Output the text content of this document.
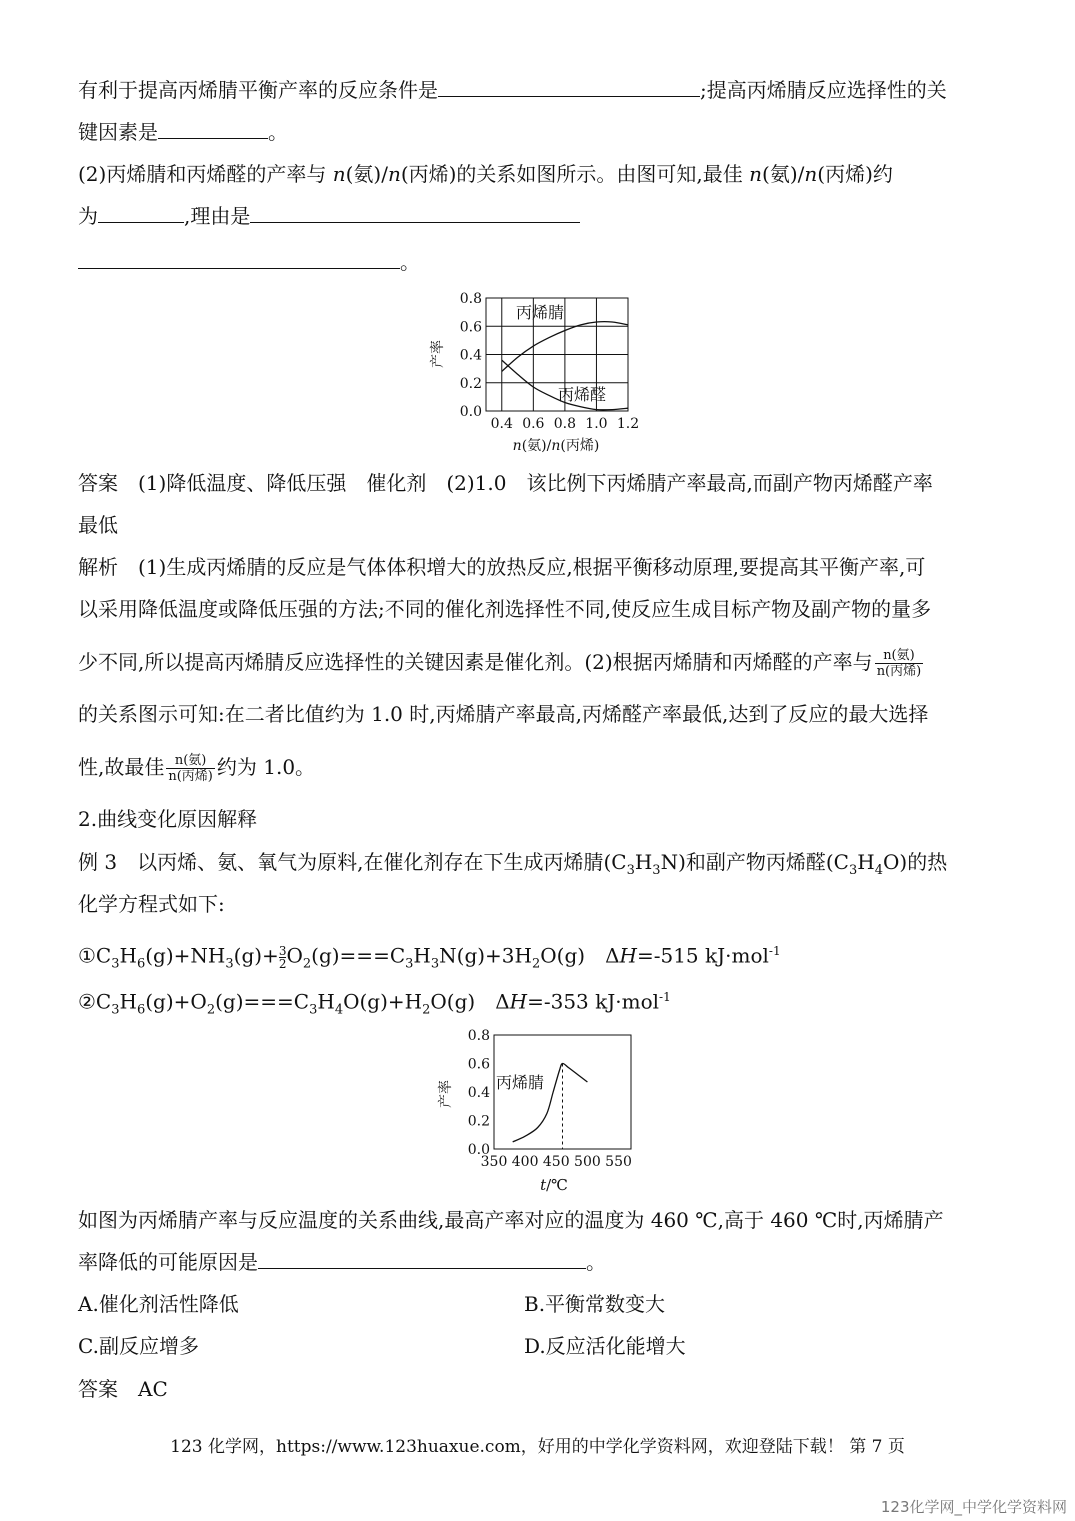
有利于提高丙烯腈平衡产率的反应条件是	;提高丙烯腈反应选择性的关
键因素是	。
(2)丙烯腈和丙烯醛的产率与 n(氨)/n(丙烯)的关系如图所示。由图可知,最佳 n(氨)/n(丙烯)约
为	,理由是
。
0.4 0.6 0.8 1.0 1.2
0.0
0.2
0.4
0.6
0.8
产率
丙烯腈
丙烯醛
n(氨)/n(丙烯)
答案　 (1)降低温度、降低压强　催化剂　(2)1.0　该比例下丙烯腈产率最高,而副产物丙烯醛产率
最低
解析　 (1)生成丙烯腈的反应是气体体积增大的放热反应,根据平衡移动原理,要提高其平衡产率,可
以采用降低温度或降低压强的方法;不同的催化剂选择性不同,使反应生成目标产物及副产物的量多
少不同,所以提高丙烯腈反应选择性的关键因素是催化剂。(2)根据丙烯腈和丙烯醛的产率与 $\frac{\text{n(氨)}}{\text{n(丙烯)}}$
的关系图示可知:在二者比值约为 1.0 时,丙烯腈产率最高,丙烯醛产率最低,达到了反应的最大选择
性,故最佳 $\frac{\text{n(氨)}}{\text{n(丙烯)}}$ 约为 1.0。
2.曲线变化原因解释
例 3　 以丙烯、氨、氧气为原料,在催化剂存在下生成丙烯腈$(C_3H_3N)$和副产物丙烯醛$(C_3H_4O)$的热
化学方程式如下:
$①C_3H_6(g)+NH_3(g)+ \frac{3}{2} O_2(g)===C_3H_3N(g)+3H_2O(g)$　ΔH=-515 kJ·mol$^{-1}$
$②C_3H_6(g)+O_2(g)===C_3H_4O(g)+H_2O(g)$　ΔH=-353 kJ·mol$^{-1}$
350 400 450 500 550
0.0
0.2
0.4
0.6
0.8
产率	丙烯腈
t/℃
如图为丙烯腈产率与反应温度的关系曲线,最高产率对应的温度为 460 ℃,高于 460 ℃时,丙烯腈产
率降低的可能原因是	。
A.催化剂活性降低	B.平衡常数变大
C.副反应增多	D.反应活化能增大
答案　 AC
123 化学网，https://www.123huaxue.com，好用的中学化学资料网，欢迎登陆下载！ 第 7 页
123化学网_中学化学资料网
